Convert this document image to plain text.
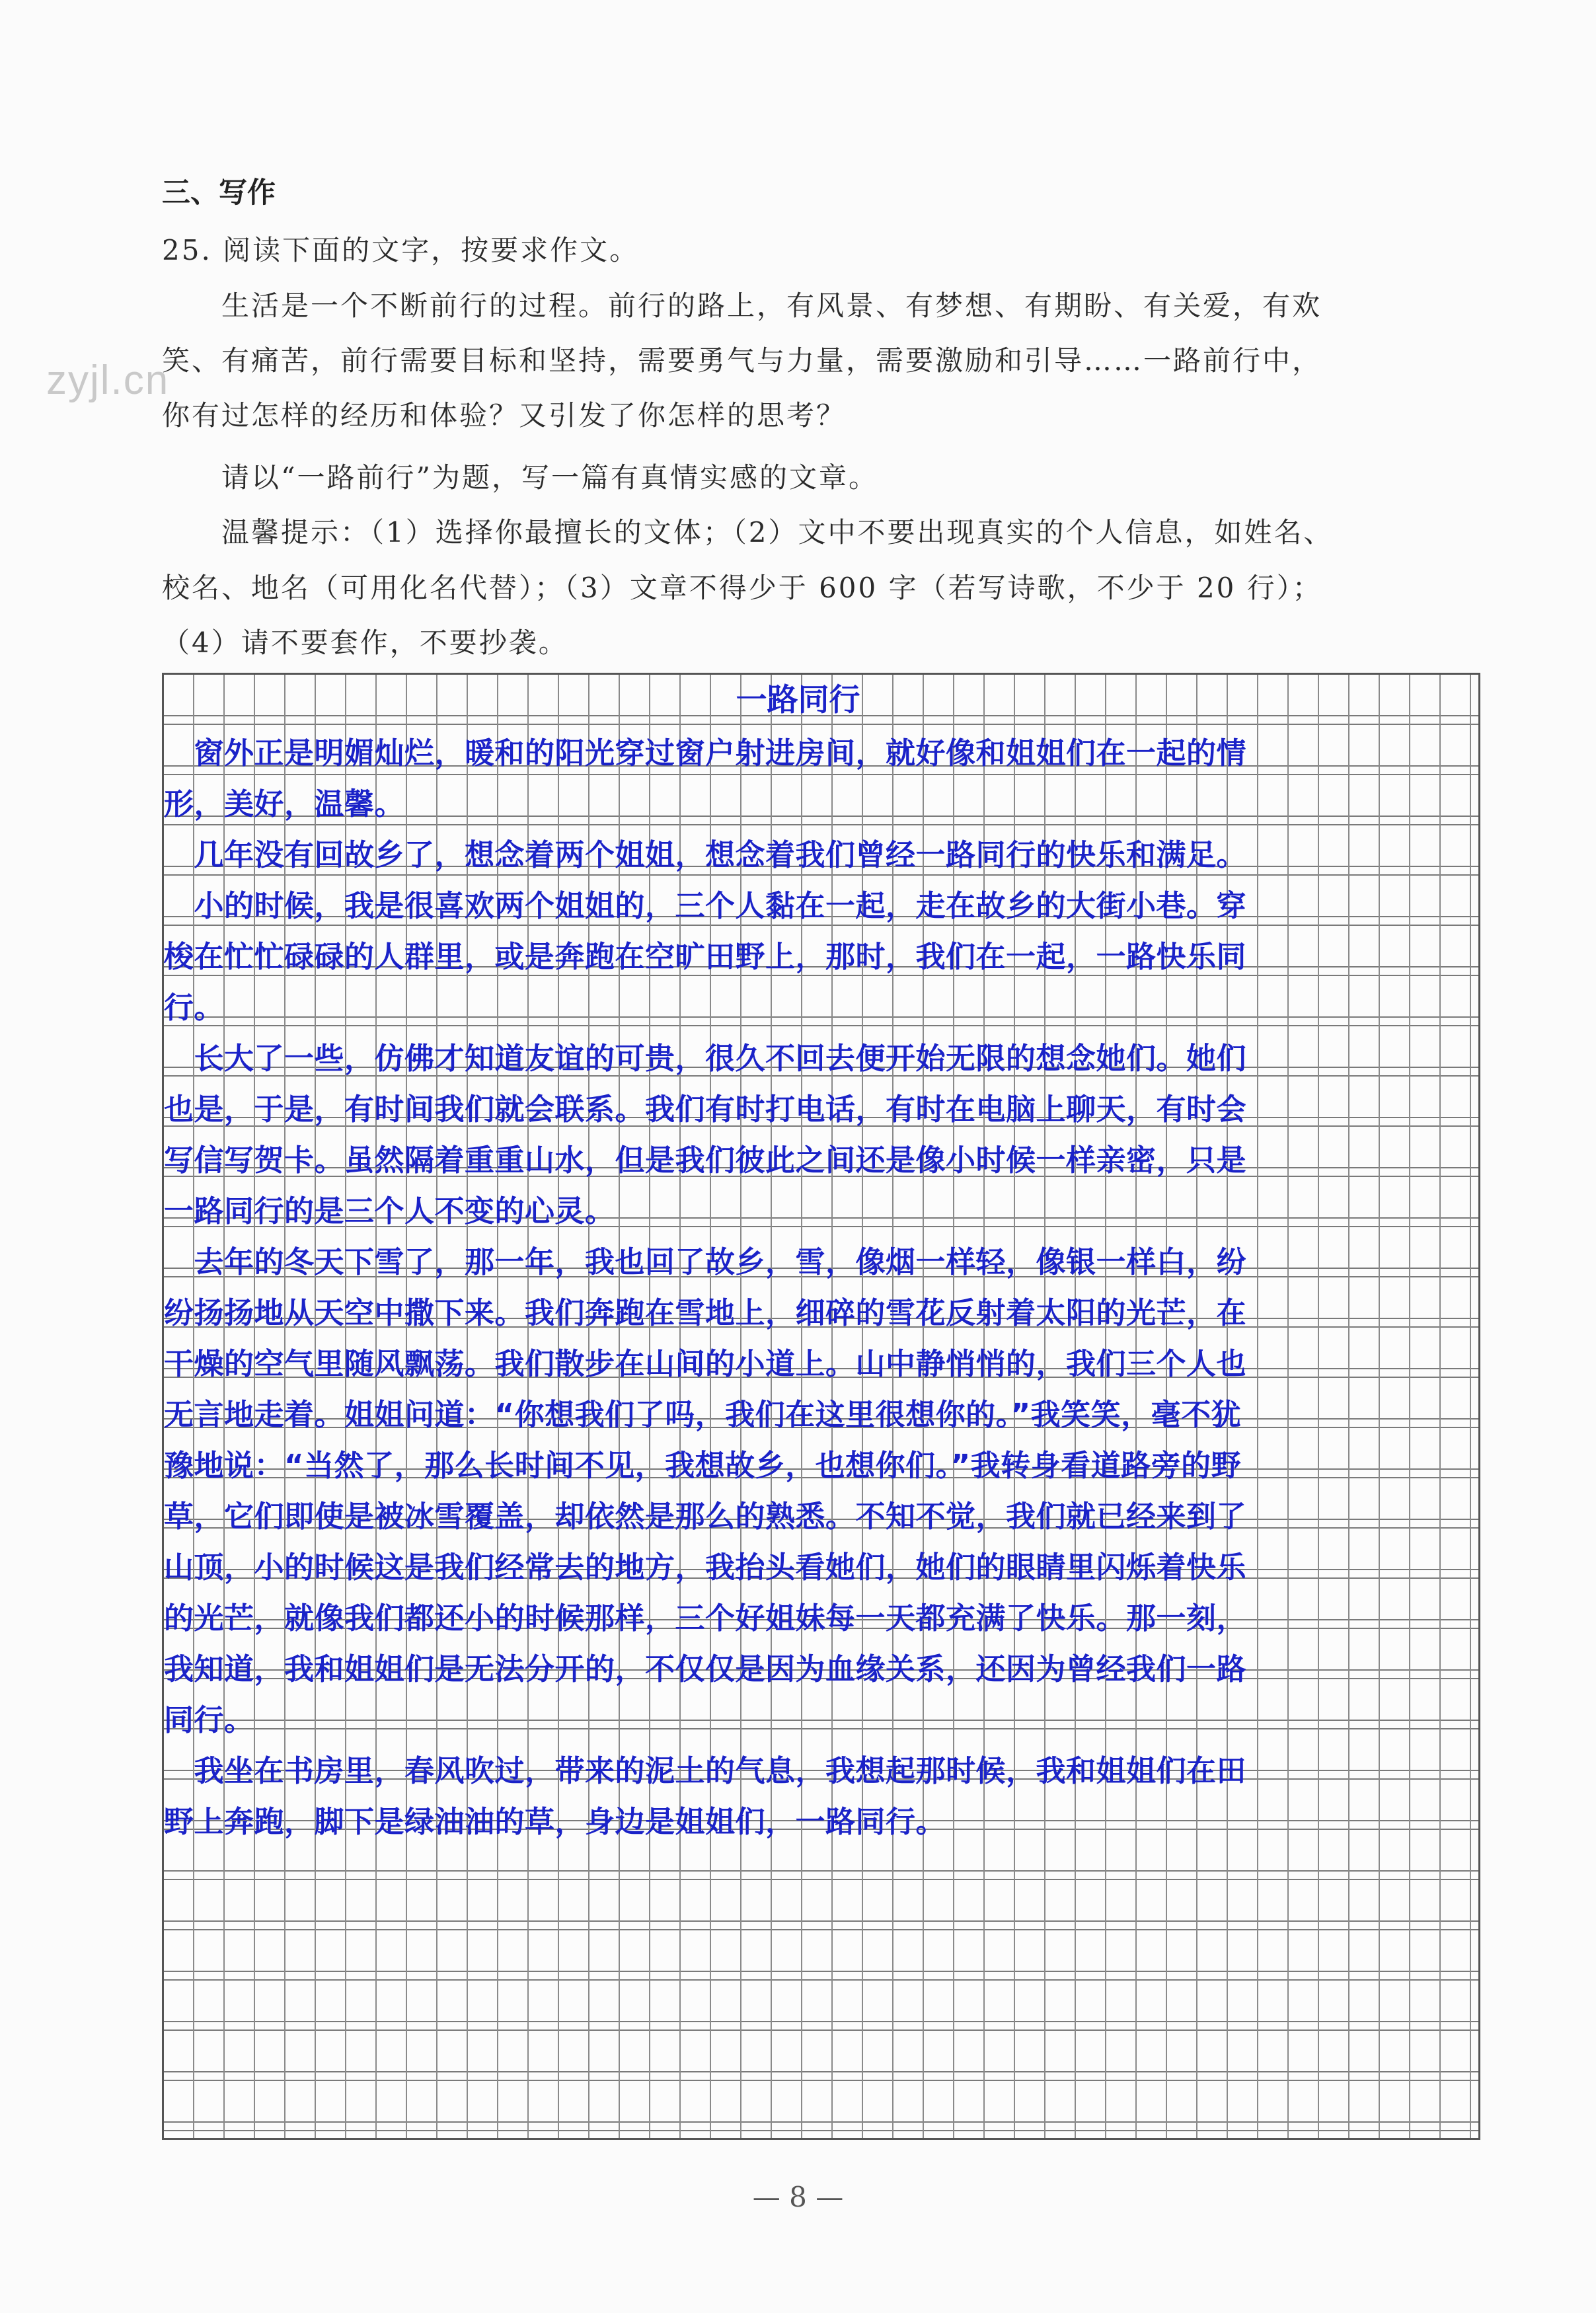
zyjl.cn
三、写作
25. 阅读下面的文字，按要求作文。
　　生活是一个不断前行的过程。前行的路上，有风景、有梦想、有期盼、有关爱，有欢
笑、有痛苦，前行需要目标和坚持，需要勇气与力量，需要激励和引导……一路前行中，
你有过怎样的经历和体验？又引发了你怎样的思考？
　　请以“一路前行”为题，写一篇有真情实感的文章。
　　温馨提示：（1）选择你最擅长的文体；（2）文中不要出现真实的个人信息，如姓名、
校名、地名（可用化名代替）；（3）文章不得少于 600 字（若写诗歌，不少于 20 行）；
（4）请不要套作，不要抄袭。
一路同行
　窗外正是明媚灿烂，暖和的阳光穿过窗户射进房间，就好像和姐姐们在一起的情
形，美好，温馨。
　几年没有回故乡了，想念着两个姐姐，想念着我们曾经一路同行的快乐和满足。
　小的时候，我是很喜欢两个姐姐的，三个人黏在一起，走在故乡的大街小巷。穿
梭在忙忙碌碌的人群里，或是奔跑在空旷田野上，那时，我们在一起，一路快乐同
行。
　长大了一些，仿佛才知道友谊的可贵，很久不回去便开始无限的想念她们。她们
也是，于是，有时间我们就会联系。我们有时打电话，有时在电脑上聊天，有时会
写信写贺卡。虽然隔着重重山水，但是我们彼此之间还是像小时候一样亲密，只是
一路同行的是三个人不变的心灵。
　去年的冬天下雪了，那一年，我也回了故乡，雪，像烟一样轻，像银一样白，纷
纷扬扬地从天空中撒下来。我们奔跑在雪地上，细碎的雪花反射着太阳的光芒，在
干燥的空气里随风飘荡。我们散步在山间的小道上。山中静悄悄的，我们三个人也
无言地走着。姐姐问道：“你想我们了吗，我们在这里很想你的。”我笑笑，毫不犹
豫地说：“当然了，那么长时间不见，我想故乡，也想你们。”我转身看道路旁的野
草，它们即使是被冰雪覆盖，却依然是那么的熟悉。不知不觉，我们就已经来到了
山顶，小的时候这是我们经常去的地方，我抬头看她们，她们的眼睛里闪烁着快乐
的光芒，就像我们都还小的时候那样，三个好姐妹每一天都充满了快乐。那一刻，
我知道，我和姐姐们是无法分开的，不仅仅是因为血缘关系，还因为曾经我们一路
同行。
　我坐在书房里，春风吹过，带来的泥土的气息，我想起那时候，我和姐姐们在田
野上奔跑，脚下是绿油油的草，身边是姐姐们，一路同行。
— 8 —
